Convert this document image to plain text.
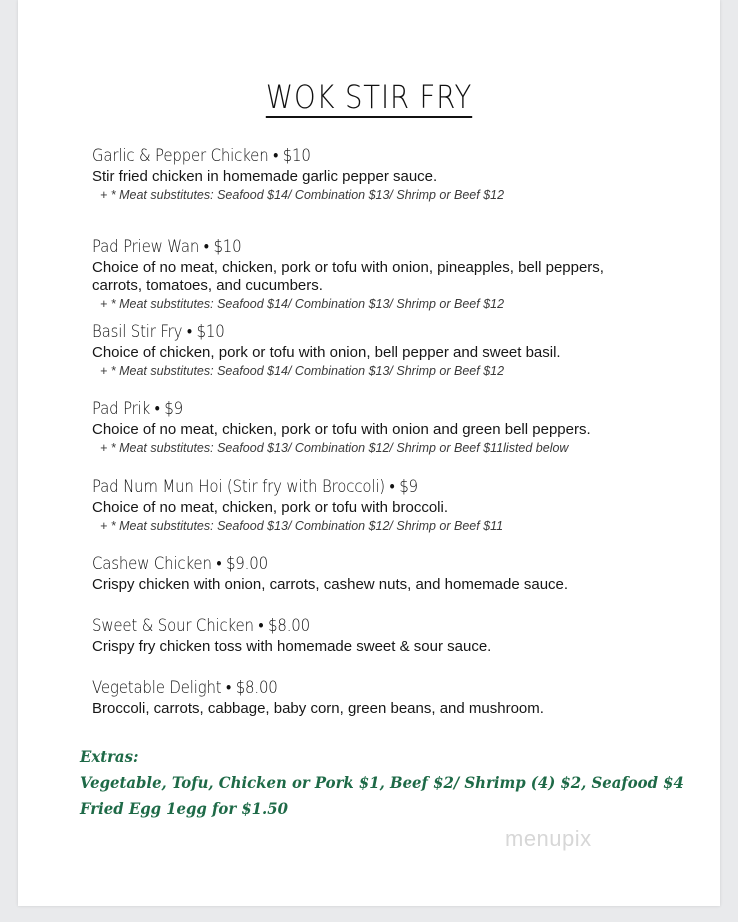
WOK STIR FRY
Garlic & Pepper Chicken • $10
Stir fried chicken in homemade garlic pepper sauce.
+ * Meat substitutes: Seafood $14/ Combination $13/ Shrimp or Beef $12
Pad Priew Wan • $10
Choice of no meat, chicken, pork or tofu with onion, pineapples, bell peppers, carrots, tomatoes, and cucumbers.
+ * Meat substitutes: Seafood $14/ Combination $13/ Shrimp or Beef $12
Basil Stir Fry • $10
Choice of chicken, pork or tofu with onion, bell pepper and sweet basil.
+ * Meat substitutes: Seafood $14/ Combination $13/ Shrimp or Beef $12
Pad Prik • $9
Choice of no meat, chicken, pork or tofu with onion and green bell peppers.
+ * Meat substitutes: Seafood $13/ Combination $12/ Shrimp or Beef $11listed below
Pad Num Mun Hoi (Stir fry with Broccoli) • $9
Choice of no meat, chicken, pork or tofu with broccoli.
+ * Meat substitutes: Seafood $13/ Combination $12/ Shrimp or Beef $11
Cashew Chicken • $9.00
Crispy chicken with onion, carrots, cashew nuts, and homemade sauce.
Sweet & Sour Chicken • $8.00
Crispy fry chicken toss with homemade sweet & sour sauce.
Vegetable Delight • $8.00
Broccoli, carrots, cabbage, baby corn, green beans, and mushroom.
Extras:
Vegetable, Tofu, Chicken or Pork $1, Beef $2/ Shrimp (4) $2, Seafood $4
Fried Egg 1egg for $1.50
menupix
